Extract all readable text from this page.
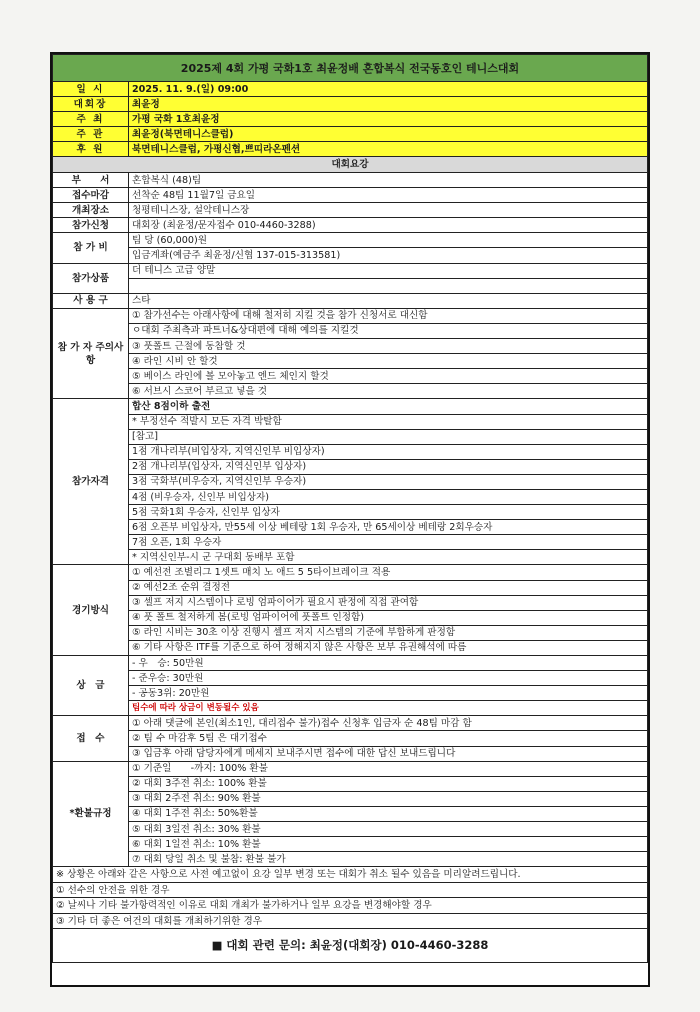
2025제 4회 가평 국화1호 최윤정배 혼합복식 전국동호인 테니스대회	
일 시	2025. 11. 9.(일) 09:00
대회장	최윤정
주 최	가평 국화 1호최윤정
주 관	최윤정(북면테니스클럽)
후 원	북면테니스클럽, 가평신협,쁘띠라온펜션
대회요강	
부　　서	혼합복식 (48)팀
접수마감	선착순 48팀 11월7일 금요일
개최장소	청평테니스장, 설악테니스장
참가신청	대회장 (최윤정/문자접수 010-4460-3288)
참 가 비	팀 당 (60,000)원
	입금계좌(예금주 최윤정/신협 137-015-313581)
참가상품	더 테니스 고급 양말

사 용 구	스타
참 가 자 주의사항	① 참가선수는 아래사항에 대해 철저히 지킬 것을 참가 신청서로 대신함
	ㅇ대회 주최측과 파트너&상대편에 대해 예의를 지킬것
	③ 풋폴트 근절에 동참할 것
	④ 라인 시비 안 할것
	⑤ 베이스 라인에 볼 모아놓고 엔드 체인지 할것
	⑥ 서브시 스코어 부르고 넣을 것
참가자격	합산 8점이하 출전
	* 부정선수 적발시 모든 자격 박탈함
	[참고]
	1점 개나리부(비입상자, 지역신인부 비입상자)
	2점 개나리부(입상자, 지역신인부 입상자)
	3점 국화부(비우승자, 지역신인부 우승자)
	4점 (비우승자, 신인부 비입상자)
	5점 국화1회 우승자, 신인부 입상자
	6점 오픈부 비입상자, 만55세 이상 베테랑 1회 우승자, 만 65세이상 베테랑 2회우승자
	7점 오픈, 1회 우승자
	* 지역신인부-시 군 구대회 동배부 포함
경기방식	① 예선전 조별리그 1셋트 매치 노 애드 5 5타이브레이크 적용
	② 예선2조 순위 결정전
	③ 셀프 저지 시스템이나 로빙 엄파이어가 필요시 판정에 직접 관여함
	④ 풋 폴트 철저하게 봄(로빙 엄파이어에 풋폴트 인정함)
	⑤ 라인 시비는 30초 이상 진행시 셀프 저지 시스템의 기준에 부합하게 판정함
	⑥ 기타 사항은 ITF를 기준으로 하여 정해지지 않은 사항은 보부 유권해석에 따름
상　금	- 우　승: 50만원
	- 준우승: 30만원
	- 공동3위: 20만원
	팀수에 따라 상금이 변동될수 있음
접　수	① 아래 댓글에 본인(최소1인, 대리접수 불가)접수 신청후 입금자 순 48팀 마감 함
	② 팀 수 마감후 5팀 은 대기접수
	③ 입금후 아래 담당자에게 메세지 보내주시면 접수에 대한 답신 보내드립니다
*환불규정	① 기준일　　-까지: 100% 환불
	② 대회 3주전 취소: 100% 환불
	③ 대회 2주전 취소: 90% 환불
	④ 대회 1주전 취소: 50%환불
	⑤ 대회 3일전 취소: 30% 환불
	⑥ 대회 1일전 취소: 10% 환불
	⑦ 대회 당일 취소 및 불참: 환불 불가
※ 상황은 아래와 같은 사항으로 사전 예고없이 요강 일부 변경 또는 대회가 취소 될수 있음을 미리알려드립니다.	
① 선수의 안전을 위한 경우	
② 날씨나 기타 불가항력적인 이유로 대회 개최가 불가하거나 일부 요강을 변경해야할 경우	
③ 기타 더 좋은 여건의 대회를 개최하기위한 경우	
■ 대회 관련 문의: 최윤정(대회장) 010-4460-3288	
